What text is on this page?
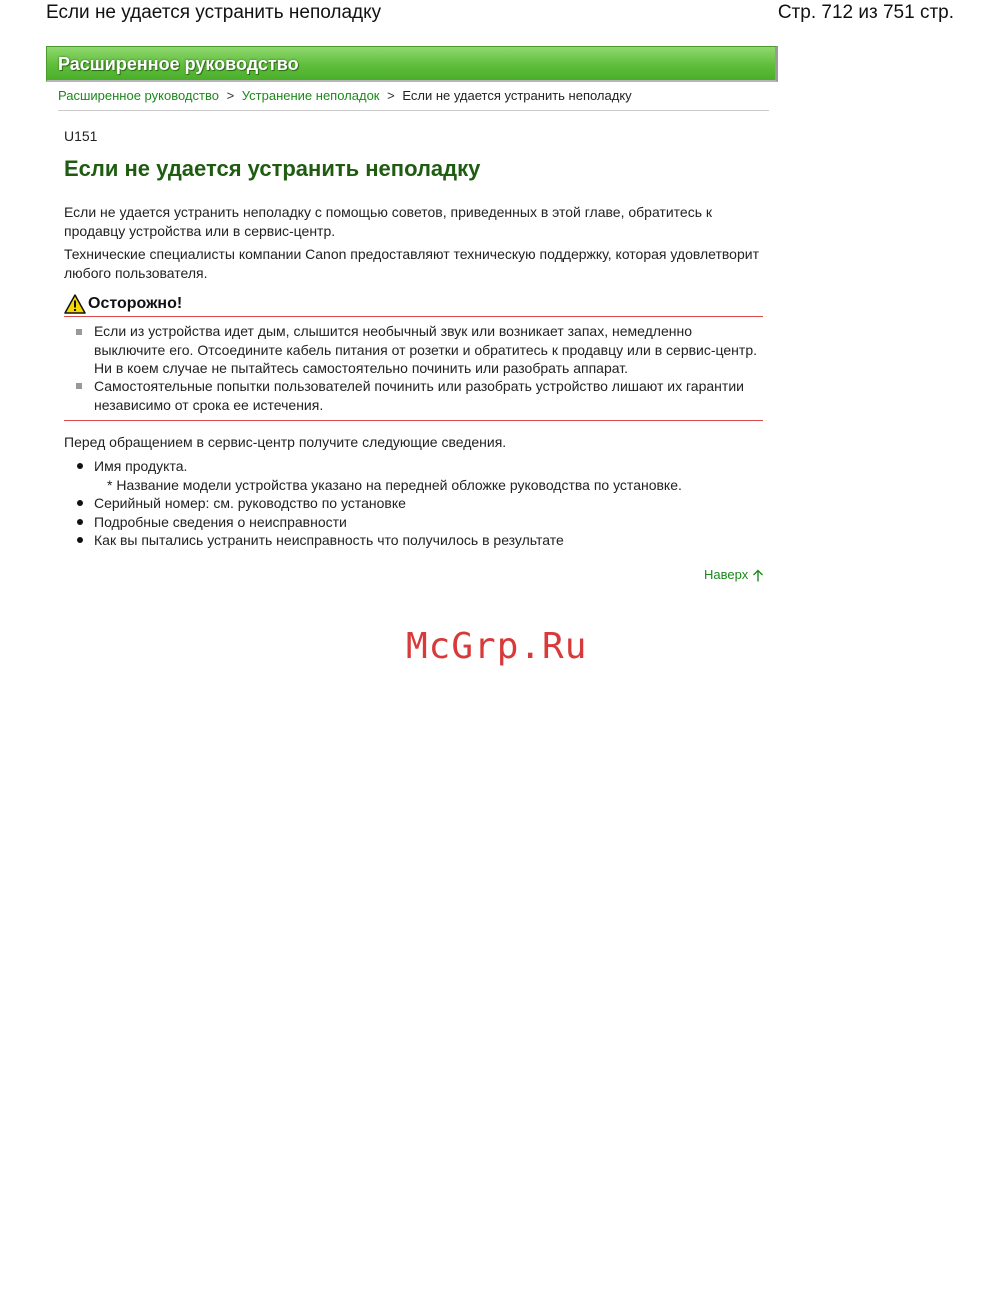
Если не удается устранить неполадку	Стр. 712 из 751 стр.
Расширенное руководство
Расширенное руководство > Устранение неполадок > Если не удается устранить неполадку
U151
Если не удается устранить неполадку

Если не удается устранить неполадку с помощью советов, приведенных в этой главе, обратитесь к продавцу устройства или в сервис-центр.

Технические специалисты компании Canon предоставляют техническую поддержку, которая удовлетворит любого пользователя.

Осторожно!
Если из устройства идет дым, слышится необычный звук или возникает запах, немедленно выключите его. Отсоедините кабель питания от розетки и обратитесь к продавцу или в сервис-центр. Ни в коем случае не пытайтесь самостоятельно починить или разобрать аппарат.
Самостоятельные попытки пользователей починить или разобрать устройство лишают их гарантии независимо от срока ее истечения.

Перед обращением в сервис-центр получите следующие сведения.

Имя продукта.
* Название модели устройства указано на передней обложке руководства по установке.
Серийный номер: см. руководство по установке
Подробные сведения о неисправности
Как вы пытались устранить неисправность что получилось в результате
Наверх
McGrp.Ru
